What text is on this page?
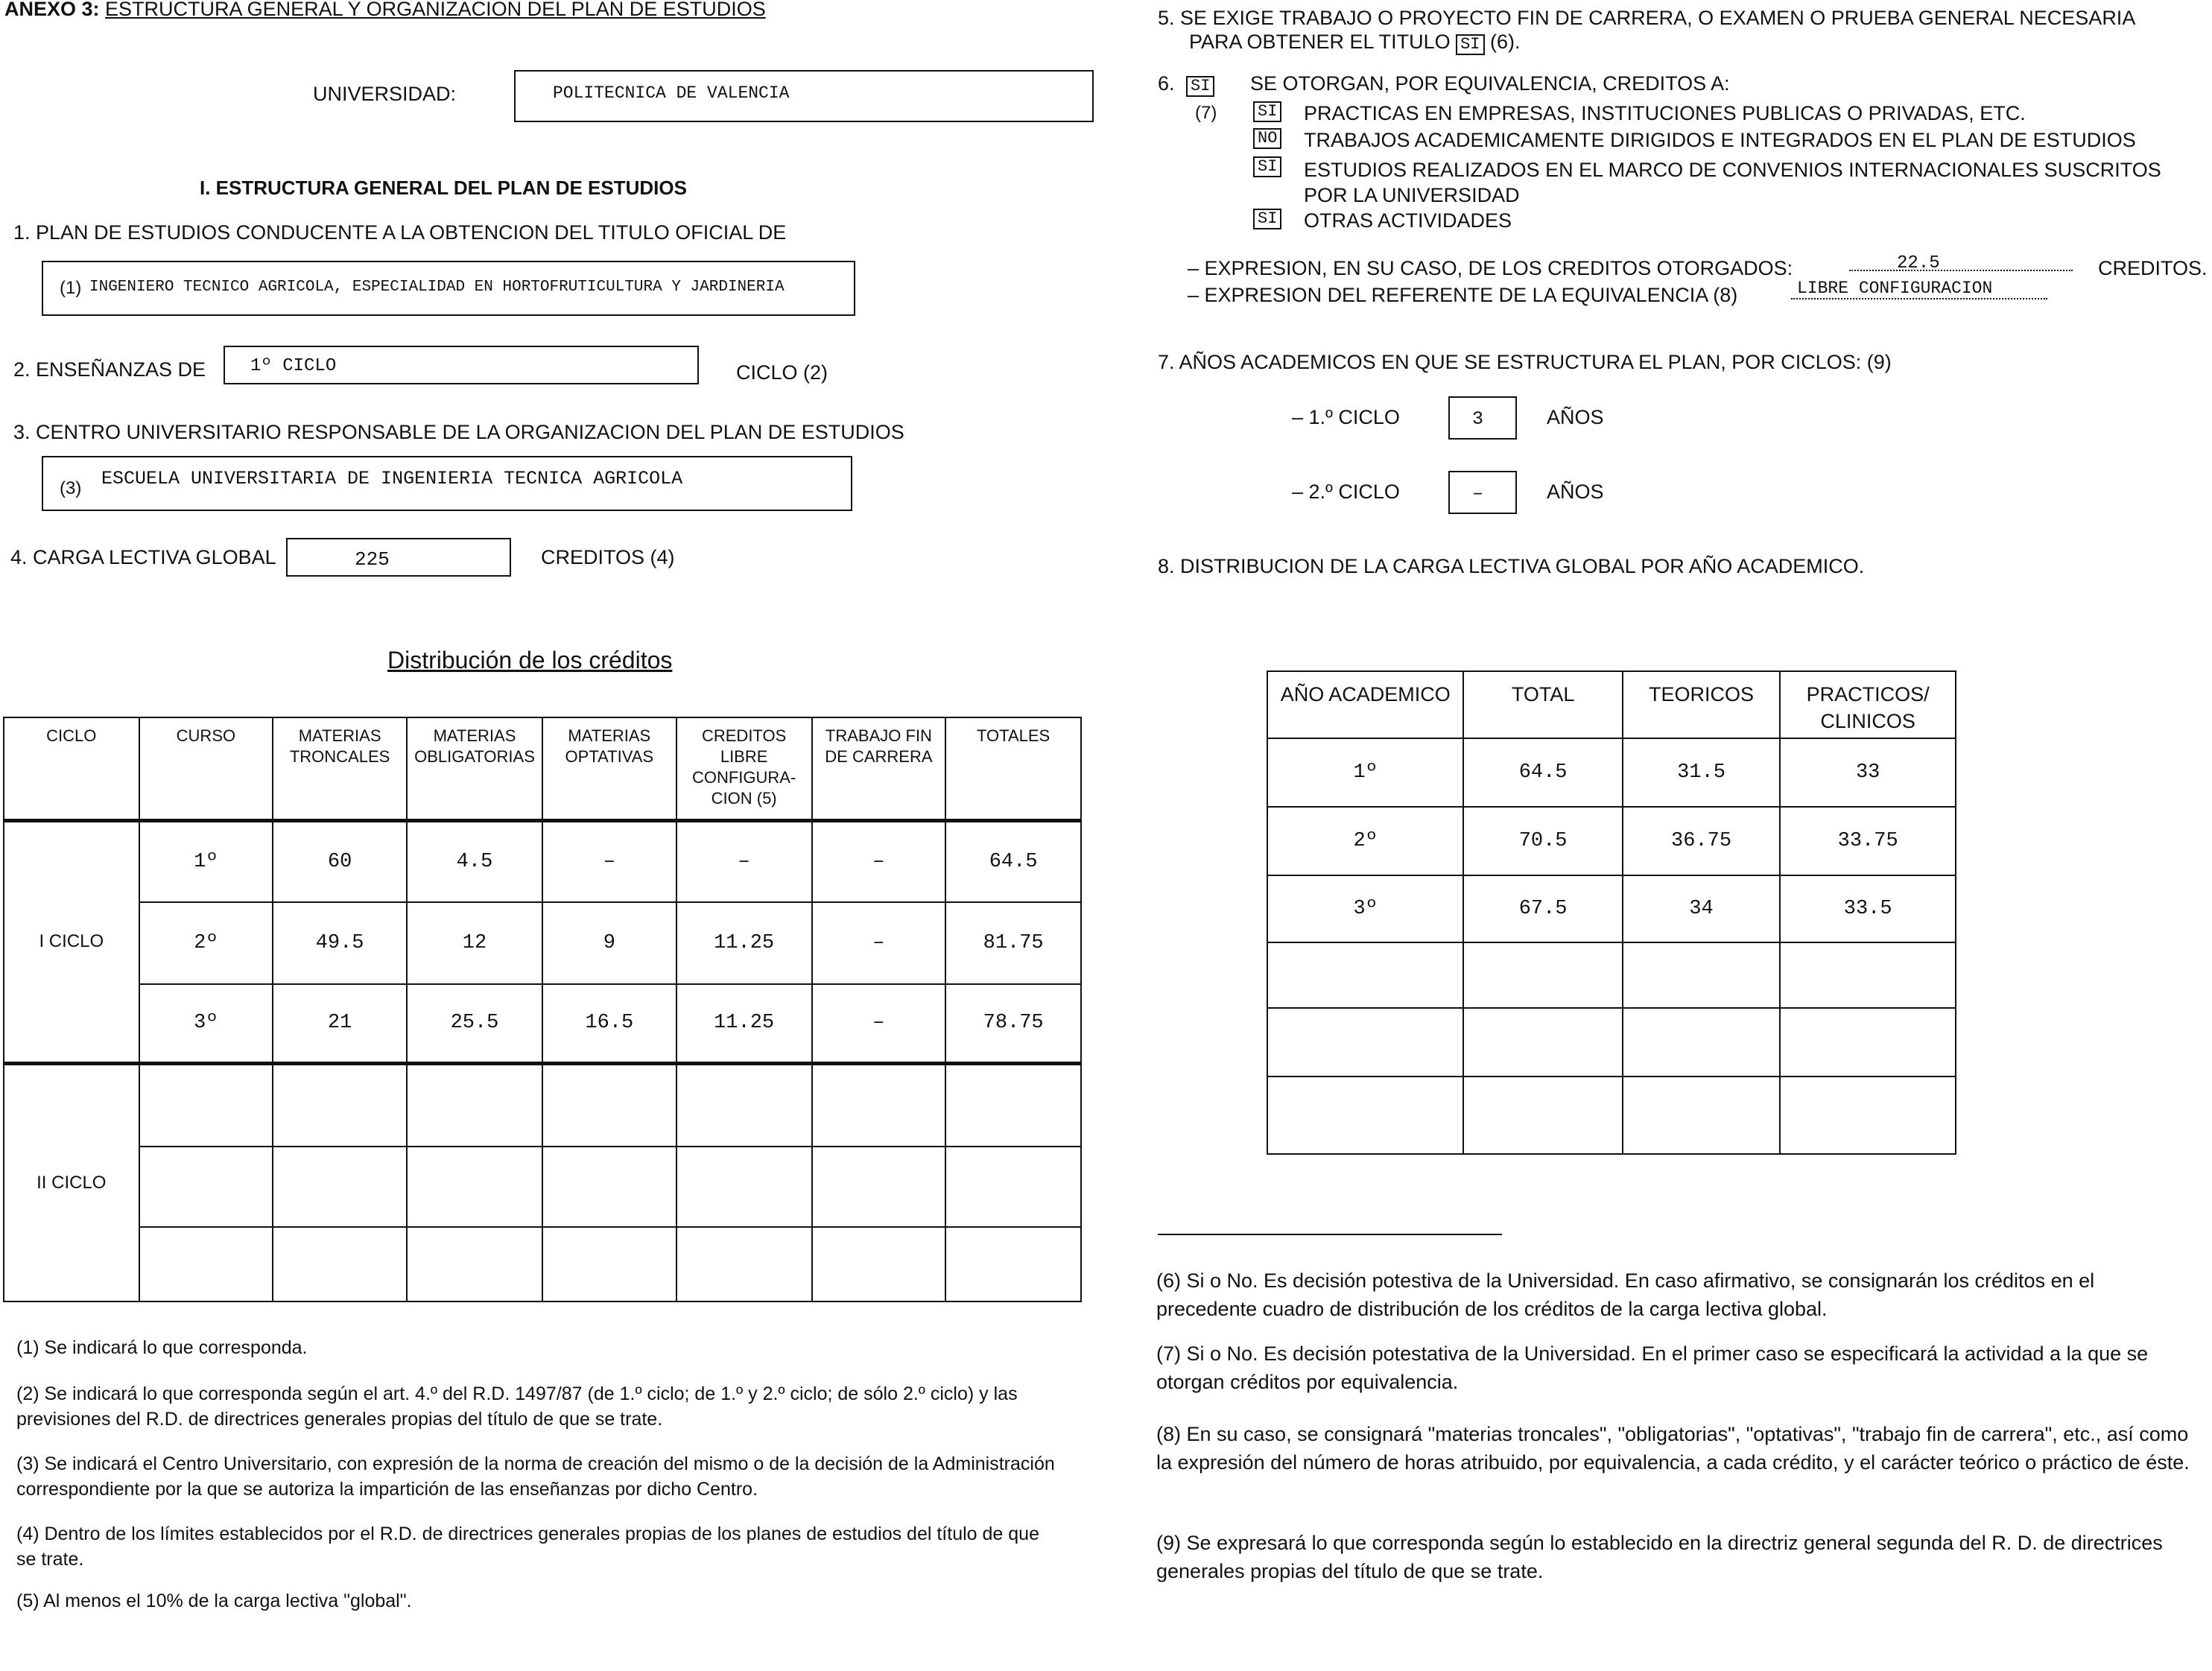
ANEXO 3: ESTRUCTURA GENERAL Y ORGANIZACION DEL PLAN DE ESTUDIOS
UNIVERSIDAD:	POLITECNICA DE VALENCIA
I. ESTRUCTURA GENERAL DEL PLAN DE ESTUDIOS
1. PLAN DE ESTUDIOS CONDUCENTE A LA OBTENCION DEL TITULO OFICIAL DE
(1) INGENIERO TECNICO AGRICOLA, ESPECIALIDAD EN HORTOFRUTICULTURA Y JARDINERIA
2. ENSEÑANZAS DE 1º CICLO	CICLO (2)
3. CENTRO UNIVERSITARIO RESPONSABLE DE LA ORGANIZACION DEL PLAN DE ESTUDIOS
(3) ESCUELA UNIVERSITARIA DE INGENIERIA TECNICA AGRICOLA
4. CARGA LECTIVA GLOBAL	225	CREDITOS (4)
Distribución de los créditos
CICLO	CURSO	MATERIAS TRONCALES	MATERIAS OBLIGATORIAS	MATERIAS OPTATIVAS	CREDITOS LIBRE CONFIGURA- CION (5)	TRABAJO FIN DE CARRERA	TOTALES
I CICLO	1º	60	4.5	–	–	–	64.5
	2º	49.5	12	9	11.25	–	81.75
	3º	21	25.5	16.5	11.25	–	78.75
II CICLO							

(1) Se indicará lo que corresponda.
(2) Se indicará lo que corresponda según el art. 4.º del R.D. 1497/87 (de 1.º ciclo; de 1.º y 2.º ciclo; de sólo 2.º ciclo) y las previsiones del R.D. de directrices generales propias del título de que se trate.
(3) Se indicará el Centro Universitario, con expresión de la norma de creación del mismo o de la decisión de la Administración correspondiente por la que se autoriza la impartición de las enseñanzas por dicho Centro.
(4) Dentro de los límites establecidos por el R.D. de directrices generales propias de los planes de estudios del título de que se trate.
(5) Al menos el 10% de la carga lectiva "global".
5. SE EXIGE TRABAJO O PROYECTO FIN DE CARRERA, O EXAMEN O PRUEBA GENERAL NECESARIA
PARA OBTENER EL TITULO SI (6).
6. SI
(7)
SE OTORGAN, POR EQUIVALENCIA, CREDITOS A:
SI PRACTICAS EN EMPRESAS, INSTITUCIONES PUBLICAS O PRIVADAS, ETC.
NO TRABAJOS ACADEMICAMENTE DIRIGIDOS E INTEGRADOS EN EL PLAN DE ESTUDIOS
SI ESTUDIOS REALIZADOS EN EL MARCO DE CONVENIOS INTERNACIONALES SUSCRITOS
POR LA UNIVERSIDAD
SI OTRAS ACTIVIDADES
– EXPRESION, EN SU CASO, DE LOS CREDITOS OTORGADOS:	22.5	CREDITOS.
– EXPRESION DEL REFERENTE DE LA EQUIVALENCIA (8)	LIBRE CONFIGURACION
7. AÑOS ACADEMICOS EN QUE SE ESTRUCTURA EL PLAN, POR CICLOS: (9)
– 1.º CICLO	3	AÑOS
– 2.º CICLO	–	AÑOS
8. DISTRIBUCION DE LA CARGA LECTIVA GLOBAL POR AÑO ACADEMICO.
AÑO ACADEMICO	TOTAL	TEORICOS	PRACTICOS/ CLINICOS
1º	64.5	31.5	33
2º	70.5	36.75	33.75
3º	67.5	34	33.5

(6) Si o No. Es decisión potestiva de la Universidad. En caso afirmativo, se consignarán los créditos en el precedente cuadro de distribución de los créditos de la carga lectiva global.
(7) Si o No. Es decisión potestativa de la Universidad. En el primer caso se especificará la actividad a la que se otorgan créditos por equivalencia.
(8) En su caso, se consignará "materias troncales", "obligatorias", "optativas", "trabajo fin de carrera", etc., así como la expresión del número de horas atribuido, por equivalencia, a cada crédito, y el carácter teórico o práctico de éste.
(9) Se expresará lo que corresponda según lo establecido en la directriz general segunda del R. D. de directrices generales propias del título de que se trate.
